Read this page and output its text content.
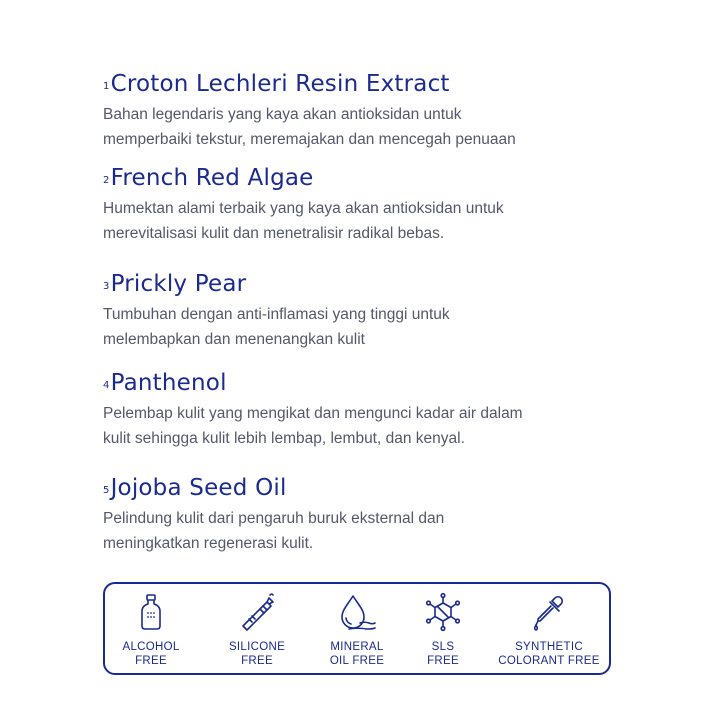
$^1$Croton Lechleri Resin Extract
Bahan legendaris yang kaya akan antioksidan untuk
memperbaiki tekstur, meremajakan dan mencegah penuaan
$^2$French Red Algae
Humektan alami terbaik yang kaya akan antioksidan untuk
merevitalisasi kulit dan menetralisir radikal bebas.
$^3$Prickly Pear
Tumbuhan dengan anti-inflamasi yang tinggi untuk
melembapkan dan menenangkan kulit
$^4$Panthenol
Pelembap kulit yang mengikat dan mengunci kadar air dalam
kulit sehingga kulit lebih lembap, lembut, dan kenyal.
$^5$Jojoba Seed Oil
Pelindung kulit dari pengaruh buruk eksternal dan
meningkatkan regenerasi kulit.
ALCOHOL
FREE
SILICONE
FREE
MINERAL
OIL FREE
SLS
FREE
SYNTHETIC
COLORANT FREE
